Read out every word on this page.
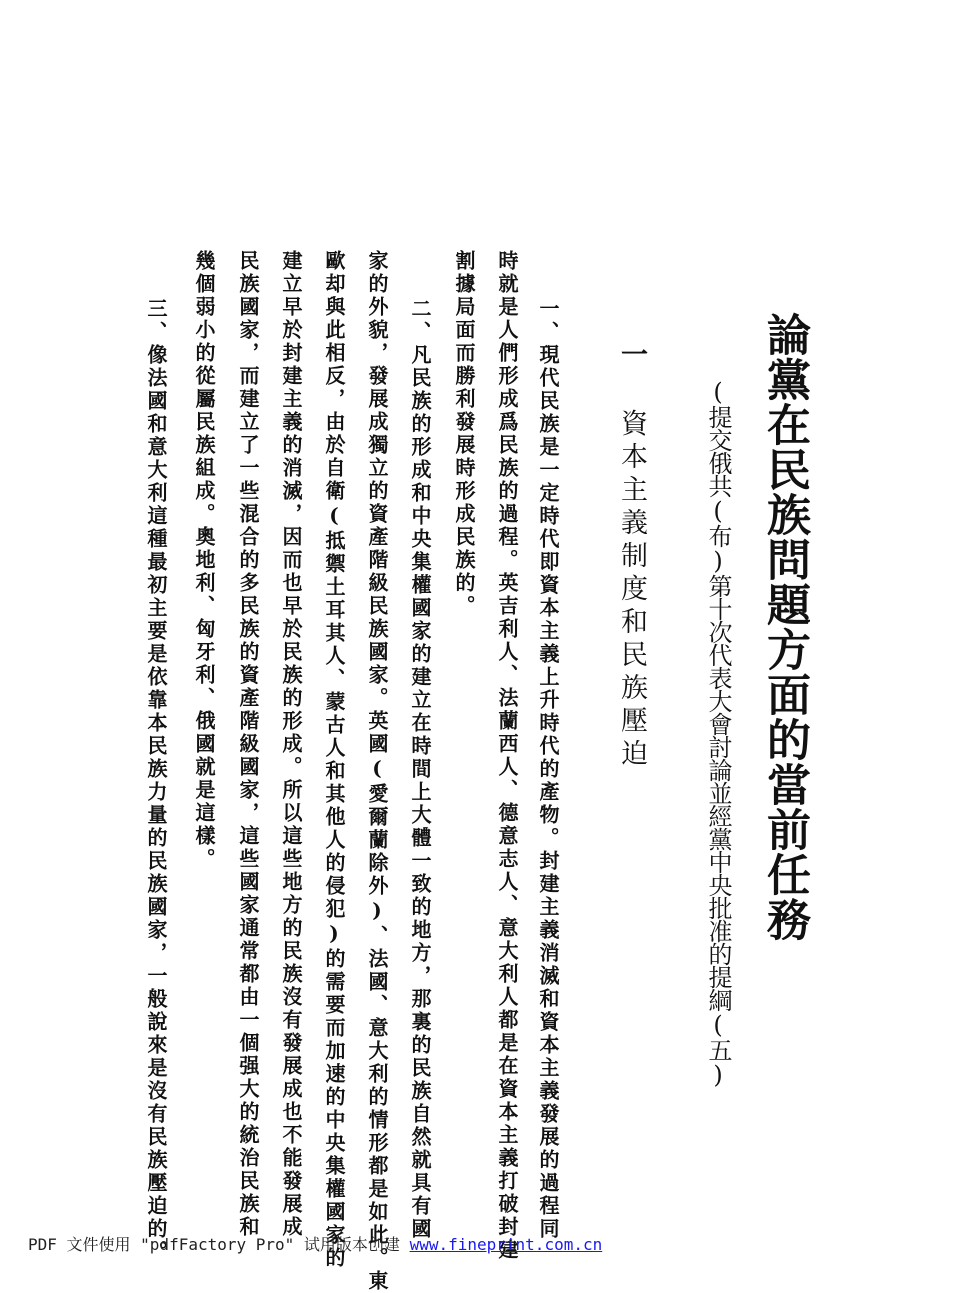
論黨在民族問題方面的當前任務
(提交俄共(布)第十次代表大會討論並經黨中央批准的提綱(五)
一資本主義制度和民族壓迫
一、現代民族是一定時代即資本主義上升時代的產物。封建主義消滅和資本主義發展的過程同
時就是人們形成爲民族的過程。英吉利人、法蘭西人、德意志人、意大利人都是在資本主義打破封建
割據局面而勝利發展時形成民族的。
二、凡民族的形成和中央集權國家的建立在時間上大體一致的地方，那裏的民族自然就具有國
家的外貌，發展成獨立的資產階級民族國家。英國(愛爾蘭除外)、法國、意大利的情形都是如此。東
歐却與此相反，由於自衛(抵禦土耳其人、蒙古人和其他人的侵犯)的需要而加速的中央集權國家的
建立早於封建主義的消滅，因而也早於民族的形成。所以這些地方的民族沒有發展成也不能發展成
民族國家，而建立了一些混合的多民族的資產階級國家，這些國家通常都由一個强大的統治民族和
幾個弱小的從屬民族組成。奧地利、匈牙利、俄國就是這樣。
三、像法國和意大利這種最初主要是依靠本民族力量的民族國家，一般說來是沒有民族壓迫的。
PDF 文件使用 "pdfFactory Pro" 试用版本创建 www.fineprint.com.cn
